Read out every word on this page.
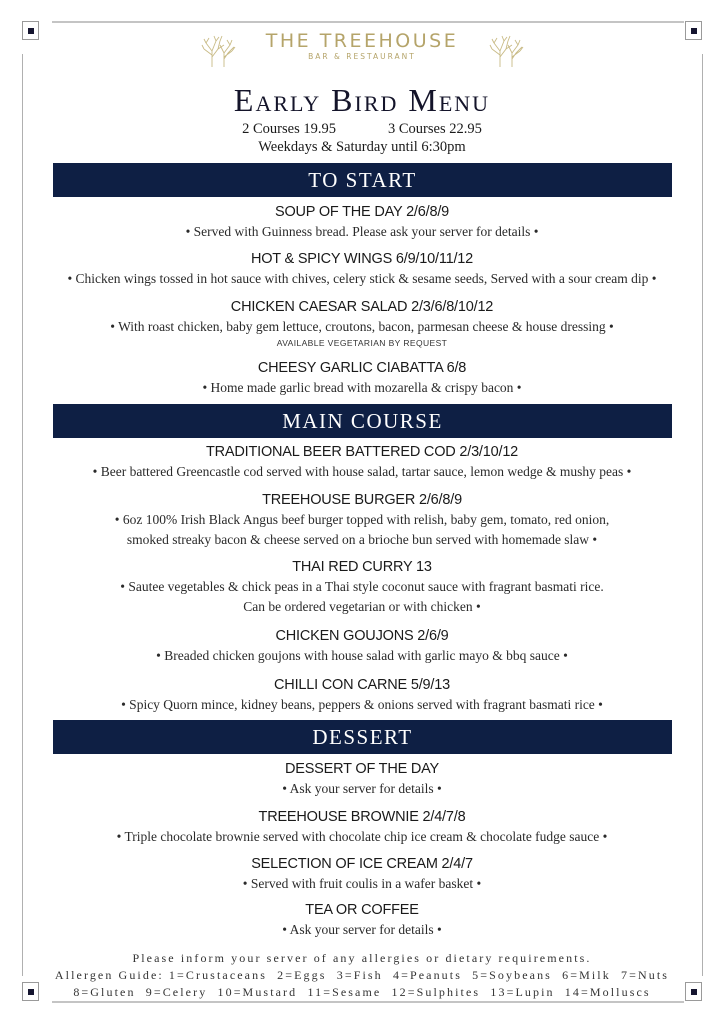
THE TREEHOUSE
BAR & RESTAURANT
Early Bird Menu
2 Courses 19.95	3 Courses 22.95
Weekdays & Saturday until 6:30pm
TO START
SOUP OF THE DAY 2/6/8/9
• Served with Guinness bread. Please ask your server for details •
HOT & SPICY WINGS 6/9/10/11/12
• Chicken wings tossed in hot sauce with chives, celery stick & sesame seeds, Served with a sour cream dip •
CHICKEN CAESAR SALAD 2/3/6/8/10/12
• With roast chicken, baby gem lettuce, croutons, bacon, parmesan cheese & house dressing •
AVAILABLE VEGETARIAN BY REQUEST
CHEESY GARLIC CIABATTA 6/8
• Home made garlic bread with mozarella & crispy bacon •
MAIN COURSE
TRADITIONAL BEER BATTERED COD 2/3/10/12
• Beer battered Greencastle cod served with house salad, tartar sauce, lemon wedge & mushy peas •
TREEHOUSE BURGER 2/6/8/9
• 6oz 100% Irish Black Angus beef burger topped with relish, baby gem, tomato, red onion,
smoked streaky bacon & cheese served on a brioche bun served with homemade slaw •
THAI RED CURRY 13
• Sautee vegetables & chick peas in a Thai style coconut sauce with fragrant basmati rice.
Can be ordered vegetarian or with chicken •
CHICKEN GOUJONS 2/6/9
• Breaded chicken goujons with house salad with garlic mayo & bbq sauce •
CHILLI CON CARNE 5/9/13
• Spicy Quorn mince, kidney beans, peppers & onions served with fragrant basmati rice •
DESSERT
DESSERT OF THE DAY
• Ask your server for details •
TREEHOUSE BROWNIE 2/4/7/8
• Triple chocolate brownie served with chocolate chip ice cream & chocolate fudge sauce •
SELECTION OF ICE CREAM 2/4/7
• Served with fruit coulis in a wafer basket •
TEA OR COFFEE
• Ask your server for details •
Please inform your server of any allergies or dietary requirements.
Allergen Guide: 1=Crustaceans  2=Eggs  3=Fish  4=Peanuts  5=Soybeans  6=Milk  7=Nuts
8=Gluten  9=Celery  10=Mustard  11=Sesame  12=Sulphites  13=Lupin  14=Molluscs
